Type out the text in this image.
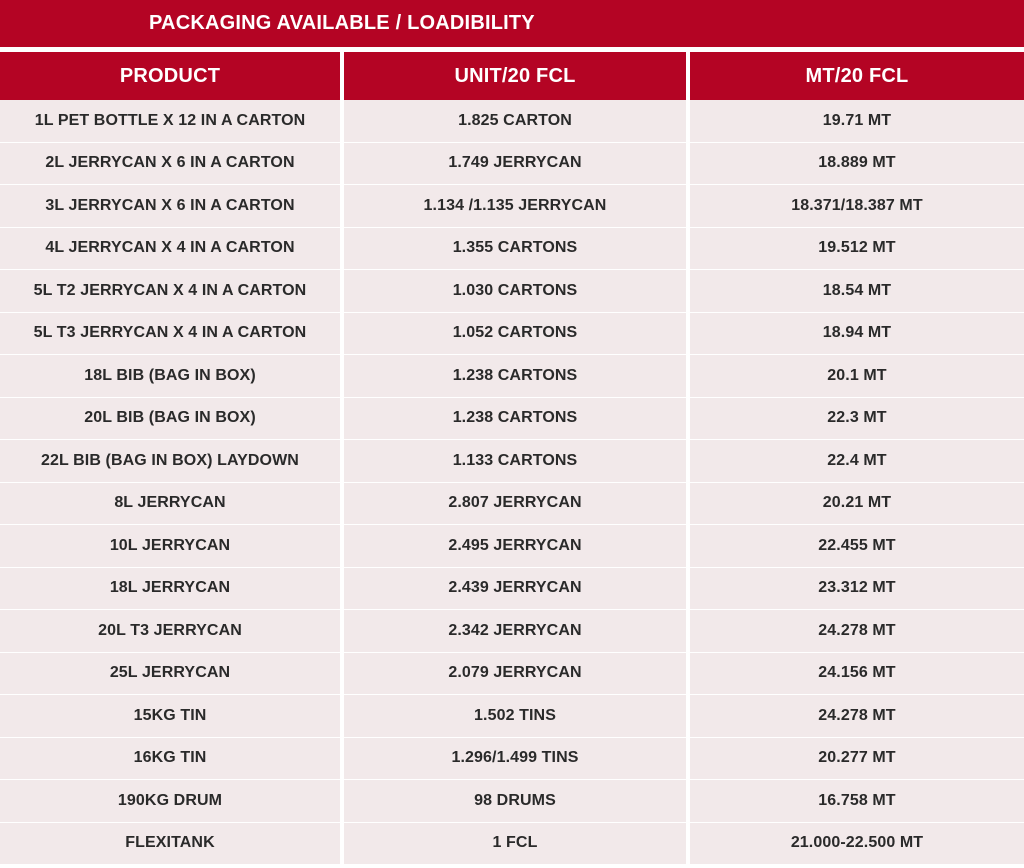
PACKAGING AVAILABLE / LOADIBILITY
PRODUCT	UNIT/20 FCL	MT/20 FCL
1L PET BOTTLE X 12 IN A CARTON	1.825 CARTON	19.71 MT
2L JERRYCAN X 6 IN A CARTON	1.749 JERRYCAN	18.889 MT
3L JERRYCAN X 6 IN A CARTON	1.134 /1.135 JERRYCAN	18.371/18.387 MT
4L JERRYCAN X 4 IN A CARTON	1.355 CARTONS	19.512 MT
5L T2 JERRYCAN X 4 IN A CARTON	1.030 CARTONS	18.54 MT
5L T3 JERRYCAN X 4 IN A CARTON	1.052 CARTONS	18.94 MT
18L BIB (BAG IN BOX)	1.238 CARTONS	20.1 MT
20L BIB (BAG IN BOX)	1.238 CARTONS	22.3 MT
22L BIB (BAG IN BOX) LAYDOWN	1.133 CARTONS	22.4 MT
8L JERRYCAN	2.807 JERRYCAN	20.21 MT
10L JERRYCAN	2.495 JERRYCAN	22.455 MT
18L JERRYCAN	2.439 JERRYCAN	23.312 MT
20L T3 JERRYCAN	2.342 JERRYCAN	24.278 MT
25L JERRYCAN	2.079 JERRYCAN	24.156 MT
15KG TIN	1.502 TINS	24.278 MT
16KG TIN	1.296/1.499 TINS	20.277 MT
190KG DRUM	98 DRUMS	16.758 MT
FLEXITANK	1 FCL	21.000-22.500 MT
